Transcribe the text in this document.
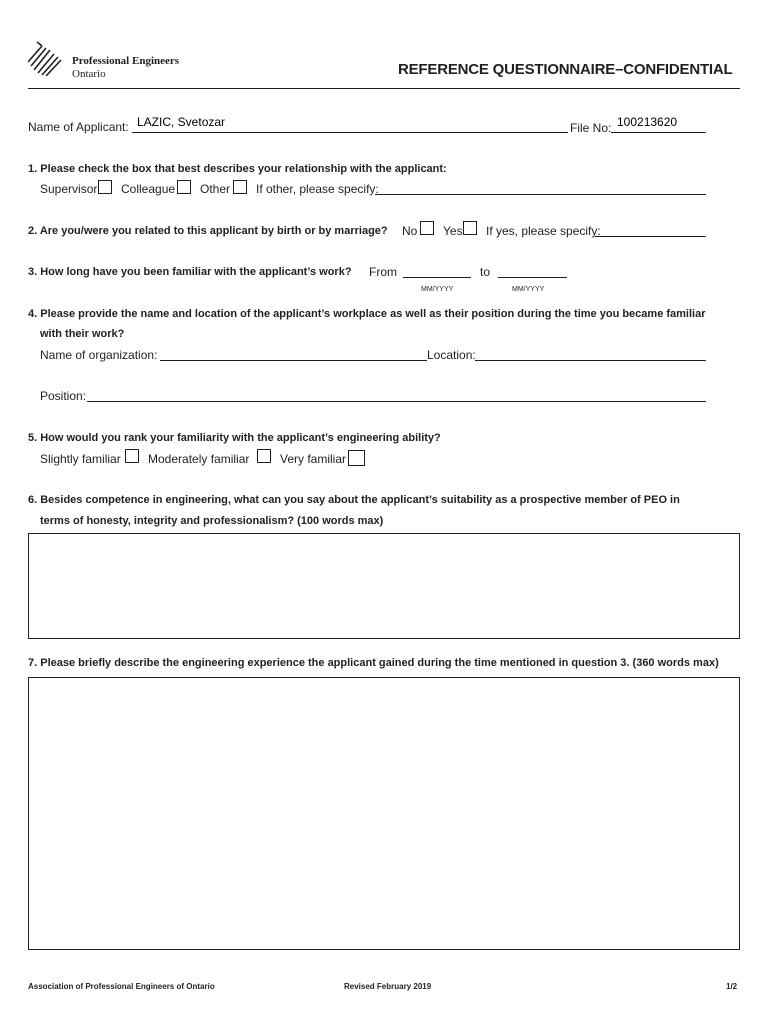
Professional Engineers
Ontario	REFERENCE QUESTIONNAIRE–CONFIDENTIAL
Name of Applicant: LAZIC, Svetozar	File No: 100213620
1. Please check the box that best describes your relationship with the applicant:
Supervisor Colleague Other If other, please specify:
2. Are you/were you related to this applicant by birth or by marriage? No Yes If yes, please specify:
3. How long have you been familiar with the applicant’s work? From
MM/YYYY
to
MM/YYYY
4. Please provide the name and location of the applicant’s workplace as well as their position during the time you became familiar
with their work?
Name of organization:	Location:
Position:
5. How would you rank your familiarity with the applicant’s engineering ability?
Slightly familiar Moderately familiar	Very familiar
6. Besides competence in engineering, what can you say about the applicant’s suitability as a prospective member of PEO in
terms of honesty, integrity and professionalism? (100 words max)
7. Please briefly describe the engineering experience the applicant gained during the time mentioned in question 3. (360 words max)
Association of Professional Engineers of Ontario	Revised February 2019	1/2
